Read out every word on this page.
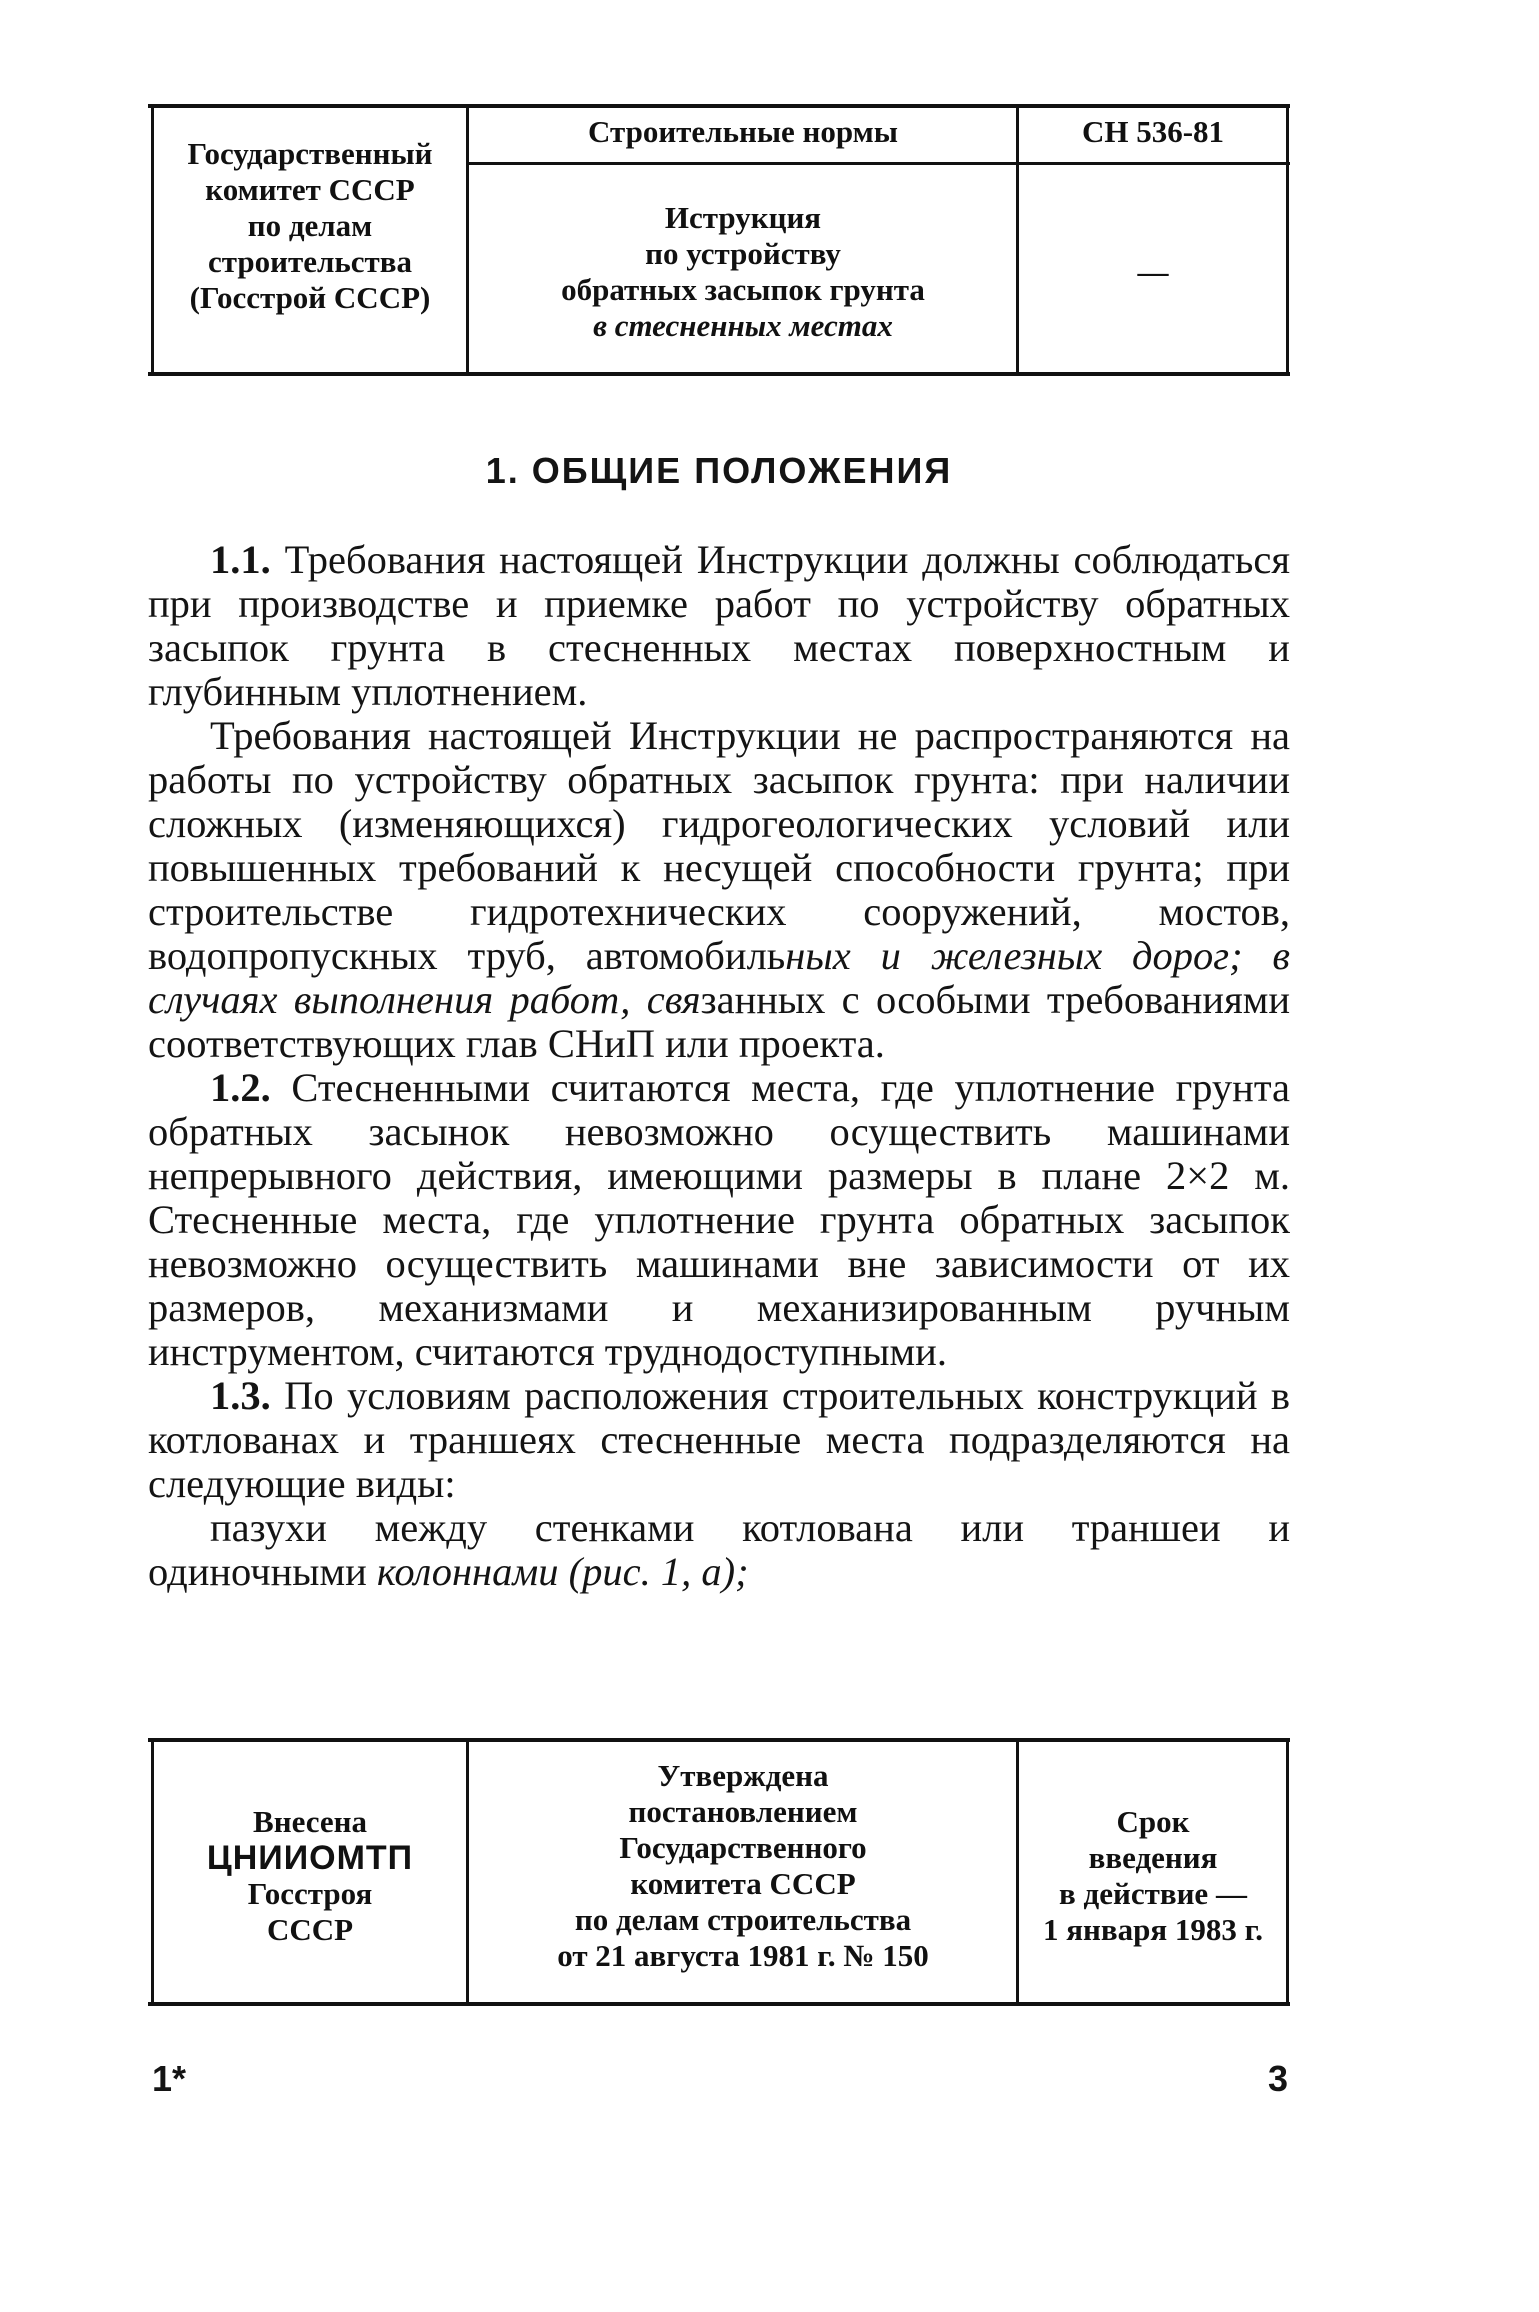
Государственный
комитет СССР
по делам
строительства
(Госстрой СССР)
Строительные нормы	СН 536-81
Иструкция
по устройству
обратных засыпок грунта
в стесненных местах
—
1. ОБЩИЕ ПОЛОЖЕНИЯ

1.1. Требования настоящей Инструкции должны соблюдаться при производстве и приемке работ по устройству обратных засыпок грунта в стесненных местах поверхностным и глубинным уплотнением.

Требования настоящей Инструкции не распространяются на работы по устройству обратных засыпок грунта: при наличии сложных (изменяющихся) гидрогеологических условий или повышенных требований к несущей способности грунта; при строительстве гидротехнических сооружений, мостов, водопропускных труб, автомобильных и железных дорог; в случаях выполнения работ, связанных с особыми требованиями соответствующих глав СНиП или проекта.

1.2. Стесненными считаются места, где уплотнение грунта обратных засынок невозможно осуществить машинами непрерывного действия, имеющими размеры в плане 2×2 м. Стесненные места, где уплотнение грунта обратных засыпок невозможно осуществить машинами вне зависимости от их размеров, механизмами и механизированным ручным инструментом, считаются труднодоступными.

1.3. По условиям расположения строительных конструкций в котлованах и траншеях стесненные места подразделяются на следующие виды:

пазухи между стенками котлована или траншеи и одиночными колоннами (рис. 1, а);

Внесена
ЦНИИОМТП
Госстроя
СССР
Утверждена
постановлением
Государственного
комитета СССР
по делам строительства
от 21 августа 1981 г. № 150
Срок
введения
в действие —
1 января 1983 г.
1*	3
